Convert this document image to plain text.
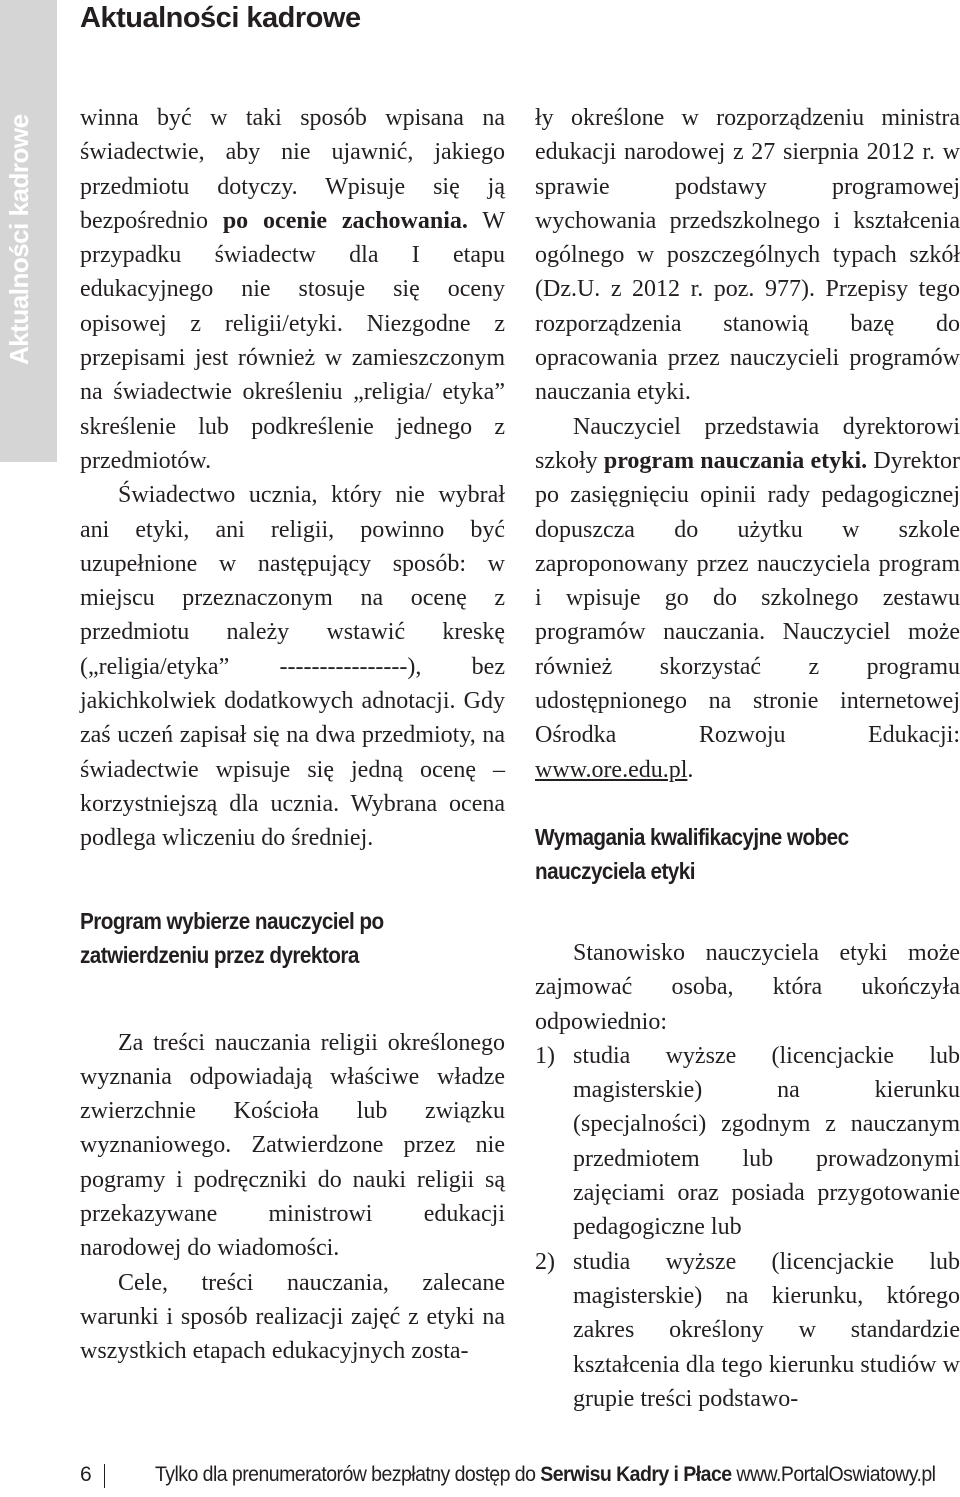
Aktualności kadrowe
Aktualności kadrowe winna być w taki sposób wpisana na świadectwie, aby nie ujawnić, jakiego przedmiotu dotyczy. Wpisuje się ją bezpośrednio po ocenie zachowania. W przypadku świadectw dla I etapu edukacyjnego nie stosuje się oceny opisowej z religii/etyki. Niezgodne z przepisami jest również w zamieszczonym na świadectwie określeniu „religia/ etyka” skreślenie lub podkreślenie jednego z przedmiotów.

Świadectwo ucznia, który nie wybrał ani etyki, ani religii, powinno być uzupełnione w następujący sposób: w miejscu przeznaczonym na ocenę z przedmiotu należy wstawić kreskę („religia/etyka” ----------------), bez jakichkolwiek dodatkowych adnotacji. Gdy zaś uczeń zapisał się na dwa przedmioty, na świadectwie wpisuje się jedną ocenę – korzystniejszą dla ucznia. Wybrana ocena podlega wliczeniu do średniej.

Program wybierze nauczyciel po zatwierdzeniu przez dyrektora

Za treści nauczania religii określonego wyznania odpowiadają właściwe władze zwierzchnie Kościoła lub związku wyznaniowego. Zatwierdzone przez nie pogramy i podręczniki do nauki religii są przekazywane ministrowi edukacji narodowej do wiadomości.

Cele, treści nauczania, zalecane warunki i sposób realizacji zajęć z etyki na wszystkich etapach edukacyjnych zosta-

ły określone w rozporządzeniu ministra edukacji narodowej z 27 sierpnia 2012 r. w sprawie podstawy programowej wychowania przedszkolnego i kształcenia ogólnego w poszczególnych typach szkół (Dz.U. z 2012 r. poz. 977). Przepisy tego rozporządzenia stanowią bazę do opracowania przez nauczycieli programów nauczania etyki.

Nauczyciel przedstawia dyrektorowi szkoły program nauczania etyki. Dyrektor po zasięgnięciu opinii rady pedagogicznej dopuszcza do użytku w szkole zaproponowany przez nauczyciela program i wpisuje go do szkolnego zestawu programów nauczania. Nauczyciel może również skorzystać z programu udostępnionego na stronie internetowej Ośrodka Rozwoju Edukacji: www.ore.edu.pl.

Wymagania kwalifikacyjne wobec nauczyciela etyki

Stanowisko nauczyciela etyki może zajmować osoba, która ukończyła odpowiednio:

1) studia wyższe (licencjackie lub magisterskie) na kierunku (specjalności) zgodnym z nauczanym przedmiotem lub prowadzonymi zajęciami oraz posiada przygotowanie pedagogiczne lub
2) studia wyższe (licencjackie lub magisterskie) na kierunku, którego zakres określony w standardzie kształcenia dla tego kierunku studiów w grupie treści podstawo-
6	Tylko dla prenumeratorów bezpłatny dostęp do Serwisu Kadry i Płace www.PortalOswiatowy.pl
